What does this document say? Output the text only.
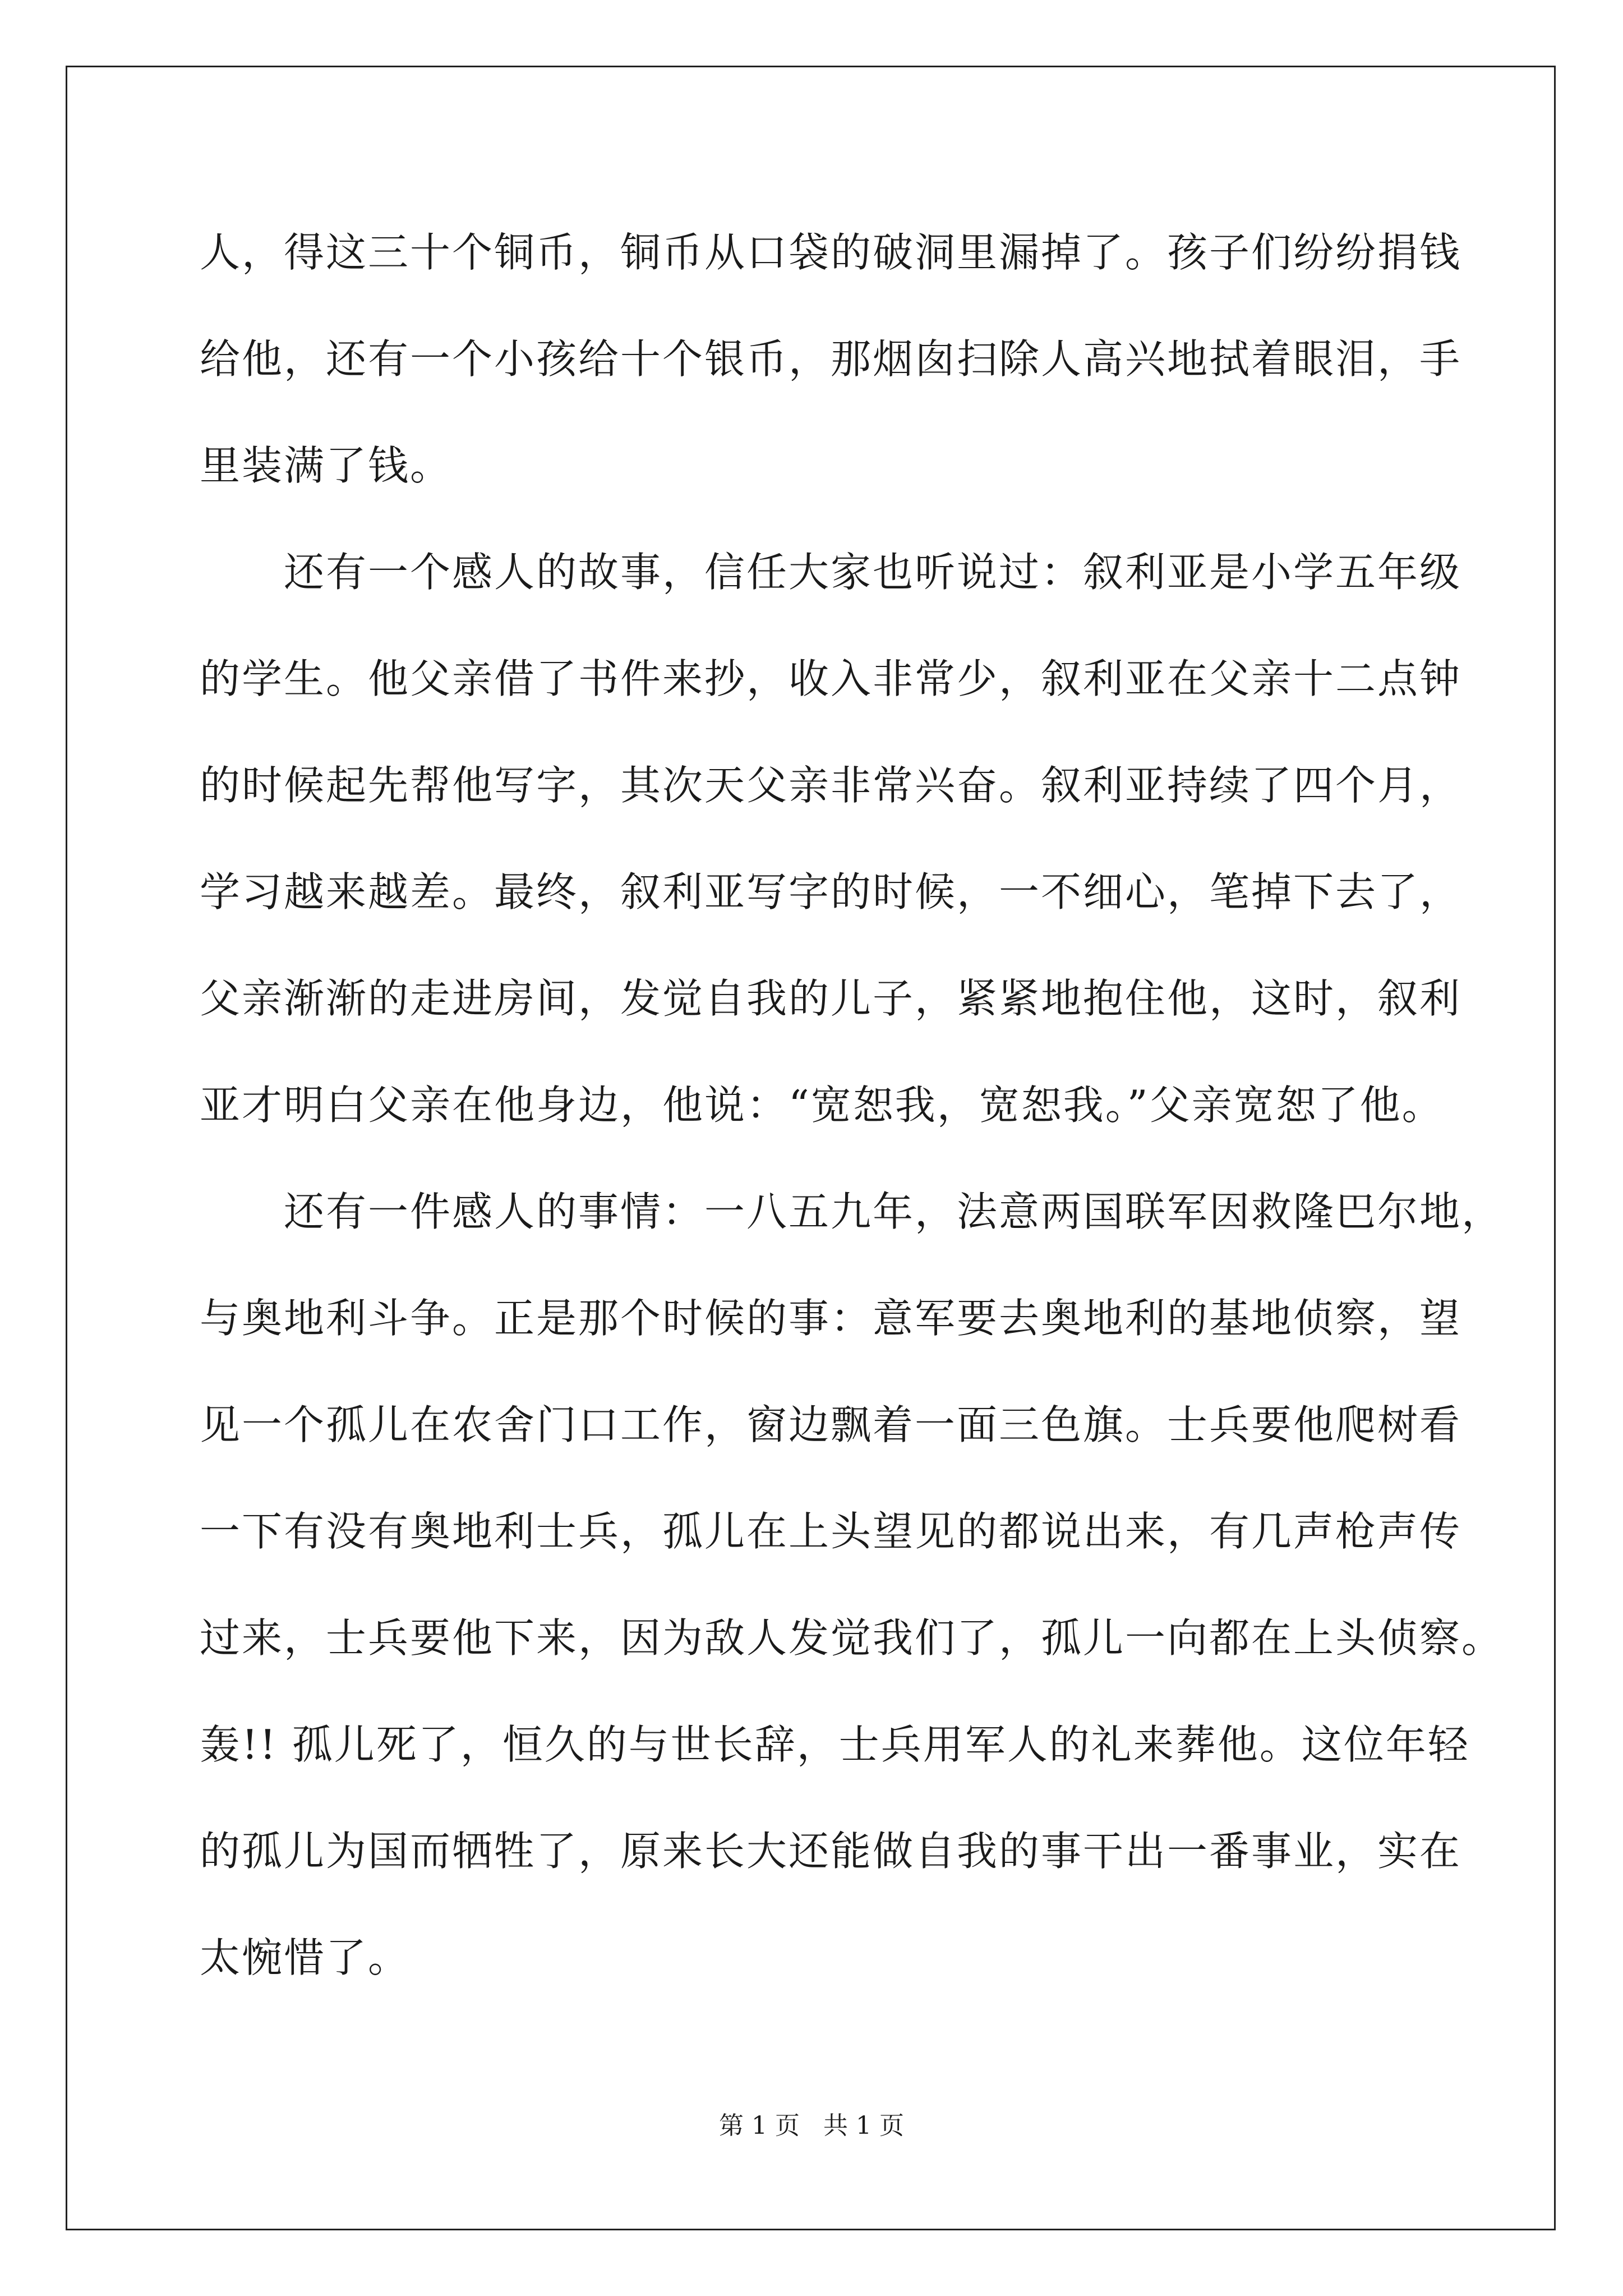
人，得这三十个铜币，铜币从口袋的破洞里漏掉了。孩子们纷纷捐钱

给他，还有一个小孩给十个银币，那烟囱扫除人高兴地拭着眼泪，手

里装满了钱。

　　还有一个感人的故事，信任大家也听说过：叙利亚是小学五年级

的学生。他父亲借了书件来抄，收入非常少，叙利亚在父亲十二点钟

的时候起先帮他写字，其次天父亲非常兴奋。叙利亚持续了四个月，

学习越来越差。最终，叙利亚写字的时候，一不细心，笔掉下去了，

父亲渐渐的走进房间，发觉自我的儿子，紧紧地抱住他，这时，叙利

亚才明白父亲在他身边，他说：“宽恕我，宽恕我。”父亲宽恕了他。

　　还有一件感人的事情：一八五九年，法意两国联军因救隆巴尔地，

与奥地利斗争。正是那个时候的事：意军要去奥地利的基地侦察，望

见一个孤儿在农舍门口工作，窗边飘着一面三色旗。士兵要他爬树看

一下有没有奥地利士兵，孤儿在上头望见的都说出来，有几声枪声传

过来，士兵要他下来，因为敌人发觉我们了，孤儿一向都在上头侦察。

轰!! 孤儿死了，恒久的与世长辞，士兵用军人的礼来葬他。这位年轻

的孤儿为国而牺牲了，原来长大还能做自我的事干出一番事业，实在

太惋惜了。

第 1 页 共 1 页
